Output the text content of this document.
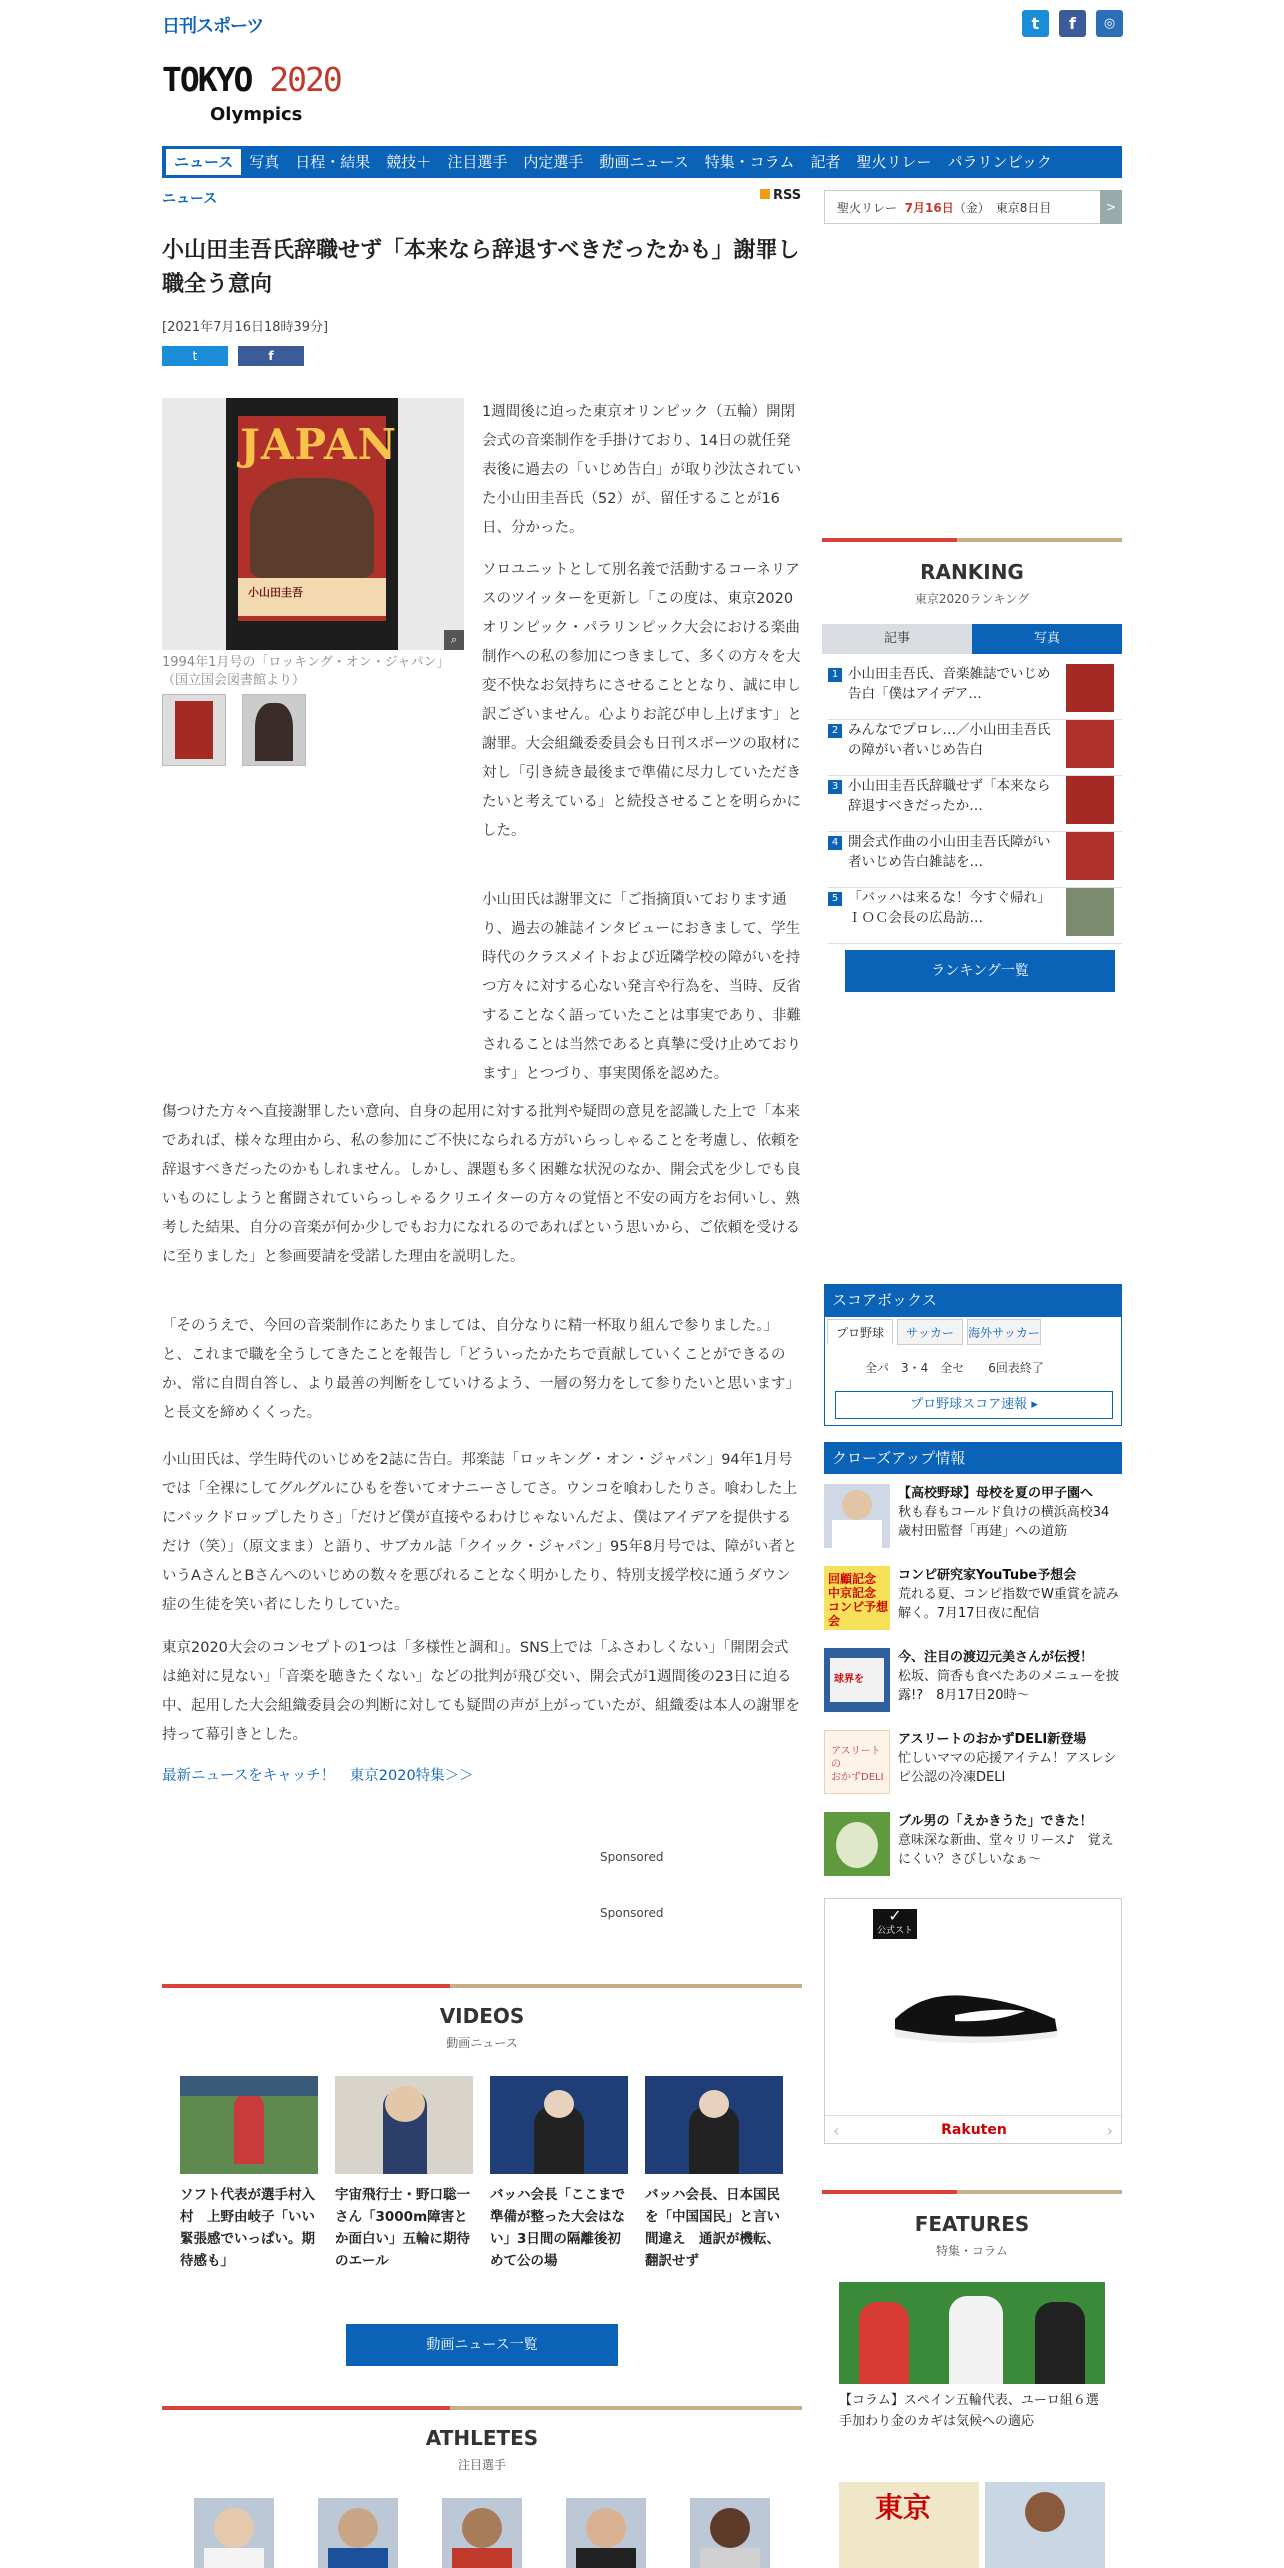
日刊スポーツ	t	f	◎
TOKYO 2020
Olympics
ニュース	写真	日程・結果	競技＋	注目選手	内定選手	動画ニュース	特集・コラム	記者	聖火リレー	パラリンピック
ニュース	RSS
聖火リレー
7月16日 （金）　東京8日目	>
小山田圭吾氏辞職せず「本来なら辞退すべきだったかも」謝罪し職全う意向
[2021年7月16日18時39分]
t	f
JAPAN
小山田圭吾
⌕
1994年1月号の「ロッキング・オン・ジャパン」（国立国会図書館より）

1週間後に迫った東京オリンピック（五輪）開閉会式の音楽制作を手掛けており、14日の就任発表後に過去の「いじめ告白」が取り沙汰されていた小山田圭吾氏（52）が、留任することが16日、分かった。

ソロユニットとして別名義で活動するコーネリアスのツイッターを更新し「この度は、東京2020オリンピック・パラリンピック大会における楽曲制作への私の参加につきまして、多くの方々を大変不快なお気持ちにさせることとなり、誠に申し訳ございません。心よりお詫び申し上げます」と謝罪。大会組織委委員会も日刊スポーツの取材に対し「引き続き最後まで準備に尽力していただきたいと考えている」と続投させることを明らかにした。

小山田氏は謝罪文に「ご指摘頂いております通り、過去の雑誌インタビューにおきまして、学生時代のクラスメイトおよび近隣学校の障がいを持つ方々に対する心ない発言や行為を、当時、反省することなく語っていたことは事実であり、非難されることは当然であると真摯に受け止めております」とつづり、事実関係を認めた。

傷つけた方々へ直接謝罪したい意向、自身の起用に対する批判や疑問の意見を認識した上で「本来であれば、様々な理由から、私の参加にご不快になられる方がいらっしゃることを考慮し、依頼を辞退すべきだったのかもしれません。しかし、課題も多く困難な状況のなか、開会式を少しでも良いものにしようと奮闘されていらっしゃるクリエイターの方々の覚悟と不安の両方をお伺いし、熟考した結果、自分の音楽が何か少しでもお力になれるのであればという思いから、ご依頼を受けるに至りました」と参画要請を受諾した理由を説明した。

「そのうえで、今回の音楽制作にあたりましては、自分なりに精一杯取り組んで参りました。」と、これまで職を全うしてきたことを報告し「どういったかたちで貢献していくことができるのか、常に自問自答し、より最善の判断をしていけるよう、一層の努力をして参りたいと思います」と長文を締めくくった。

小山田氏は、学生時代のいじめを2誌に告白。邦楽誌「ロッキング・オン・ジャパン」94年1月号では「全裸にしてグルグルにひもを巻いてオナニーさしてさ。ウンコを喰わしたりさ。喰わした上にバックドロップしたりさ」「だけど僕が直接やるわけじゃないんだよ、僕はアイデアを提供するだけ（笑）」（原文まま）と語り、サブカル誌「クイック・ジャパン」95年8月号では、障がい者というAさんとBさんへのいじめの数々を悪びれることなく明かしたり、特別支援学校に通うダウン症の生徒を笑い者にしたりしていた。

東京2020大会のコンセプトの1つは「多様性と調和」。SNS上では「ふさわしくない」「開閉会式は絶対に見ない」「音楽を聴きたくない」などの批判が飛び交い、開会式が1週間後の23日に迫る中、起用した大会組織委員会の判断に対しても疑問の声が上がっていたが、組織委は本人の謝罪を持って幕引きとした。

最新ニュースをキャッチ！　東京2020特集＞＞
Sponsored
Sponsored
VIDEOS
動画ニュース
ソフト代表が選手村入村　上野由岐子「いい緊張感でいっぱい。期待感も」
宇宙飛行士・野口聡一さん「3000m障害とか面白い」五輪に期待のエール
バッハ会長「ここまで準備が整った大会はない」3日間の隔離後初めて公の場
バッハ会長、日本国民を「中国国民」と言い間違え　通訳が機転、翻訳せず
動画ニュース一覧
ATHLETES
注目選手
RANKING
東京2020ランキング
記事	写真
1 小山田圭吾氏、音楽雑誌でいじめ告白「僕はアイデア…
2 みんなでプロレ…／小山田圭吾氏の障がい者いじめ告白
3 小山田圭吾氏辞職せず「本来なら辞退すべきだったか…
4 開会式作曲の小山田圭吾氏障がい者いじめ告白雑誌を…
5 「バッハは来るな！今すぐ帰れ」ＩＯＣ会長の広島訪…
ランキング一覧
スコアボックス
プロ野球	サッカー	海外サッカー
全パ　3・4　全セ　　6回表終了
プロ野球スコア速報 ▸
クローズアップ情報
【高校野球】母校を夏の甲子園へ
秋も春もコールド負けの横浜高校34歳村田監督「再建」への道筋
回顧記念
中京記念
コンピ予想会
コンピ研究家YouTube予想会
荒れる夏、コンピ指数でW重賞を読み解く。7月17日夜に配信
球界を
今、注目の渡辺元美さんが伝授！
松坂、筒香も食べたあのメニューを披露!?　8月17日20時～
アスリートの
おかずDELI
アスリートのおかずDELI新登場
忙しいママの応援アイテム！アスレシピ公認の冷凍DELI
ブル男の「えかきうた」できた！
意味深な新曲、堂々リリース♪　覚えにくい？さびしいなぁ～
✓
公式ストア
‹	›
Rakuten
FEATURES
特集・コラム
【コラム】スペイン五輪代表、ユーロ組６選手加わり金のカギは気候への適応
東京
